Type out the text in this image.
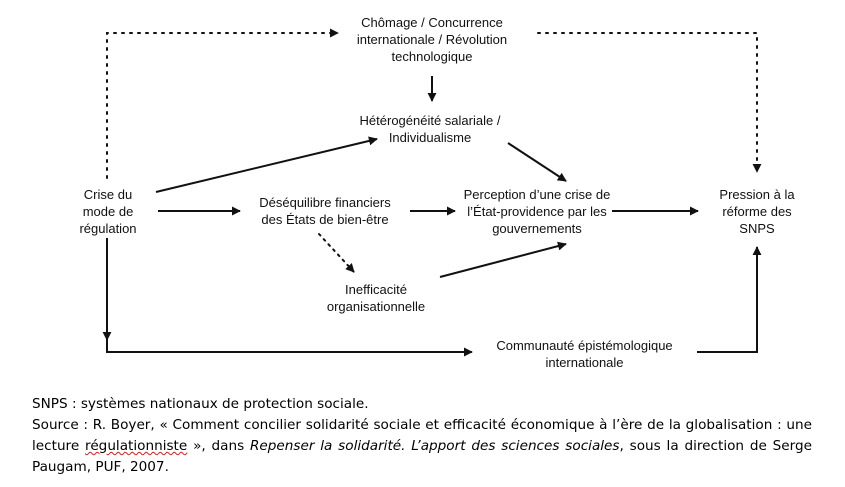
Chômage / Concurrence
internationale / Révolution
technologique
Hétérogénéité salariale /
Individualisme
Crise du
mode de
régulation
Déséquilibre financiers
des États de bien-être
Perception d’une crise de
l’État-providence par les
gouvernements
Pression à la
réforme des
SNPS
Inefficacité
organisationnelle
Communauté épistémologique
internationale

SNPS : systèmes nationaux de protection sociale.

Source : R. Boyer, « Comment concilier solidarité sociale et efficacité économique à l’ère de la globalisation : une lecture régulationniste », dans Repenser la solidarité. L’apport des sciences sociales, sous la direction de Serge Paugam, PUF, 2007.
